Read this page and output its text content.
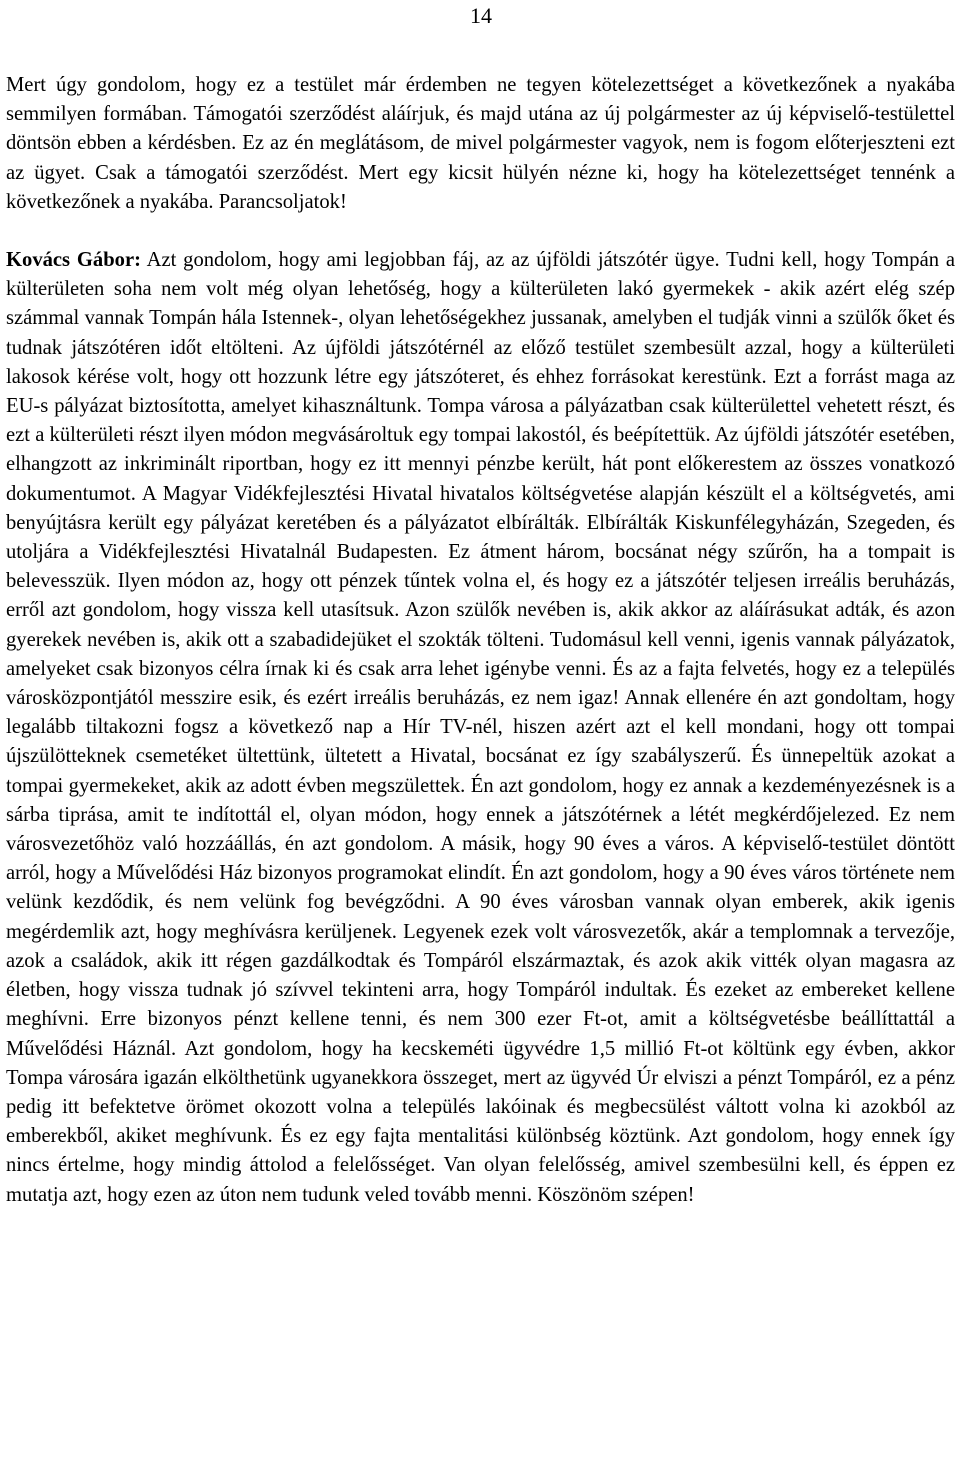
14

Mert úgy gondolom, hogy ez a testület már érdemben ne tegyen kötelezettséget a következőnek a nyakába semmilyen formában. Támogatói szerződést aláírjuk, és majd utána az új polgármester az új képviselő-testülettel döntsön ebben a kérdésben. Ez az én meglátásom, de mivel polgármester vagyok, nem is fogom előterjeszteni ezt az ügyet. Csak a támogatói szerződést. Mert egy kicsit hülyén nézne ki, hogy ha kötelezettséget tennénk a következőnek a nyakába. Parancsoljatok!

Kovács Gábor: Azt gondolom, hogy ami legjobban fáj, az az újföldi játszótér ügye. Tudni kell, hogy Tompán a külterületen soha nem volt még olyan lehetőség, hogy a külterületen lakó gyermekek - akik azért elég szép számmal vannak Tompán hála Istennek-, olyan lehetőségekhez jussanak, amelyben el tudják vinni a szülők őket és tudnak játszótéren időt eltölteni. Az újföldi játszótérnél az előző testület szembesült azzal, hogy a külterületi lakosok kérése volt, hogy ott hozzunk létre egy játszóteret, és ehhez forrásokat kerestünk. Ezt a forrást maga az EU-s pályázat biztosította, amelyet kihasználtunk. Tompa városa a pályázatban csak külterülettel vehetett részt, és ezt a külterületi részt ilyen módon megvásároltuk egy tompai lakostól, és beépítettük. Az újföldi játszótér esetében, elhangzott az inkriminált riportban, hogy ez itt mennyi pénzbe került, hát pont előkerestem az összes vonatkozó dokumentumot. A Magyar Vidékfejlesztési Hivatal hivatalos költségvetése alapján készült el a költségvetés, ami benyújtásra került egy pályázat keretében és a pályázatot elbírálták. Elbírálták Kiskunfélegyházán, Szegeden, és utoljára a Vidékfejlesztési Hivatalnál Budapesten. Ez átment három, bocsánat négy szűrőn, ha a tompait is belevesszük. Ilyen módon az, hogy ott pénzek tűntek volna el, és hogy ez a játszótér teljesen irreális beruházás, erről azt gondolom, hogy vissza kell utasítsuk. Azon szülők nevében is, akik akkor az aláírásukat adták, és azon gyerekek nevében is, akik ott a szabadidejüket el szokták tölteni. Tudomásul kell venni, igenis vannak pályázatok, amelyeket csak bizonyos célra írnak ki és csak arra lehet igénybe venni. És az a fajta felvetés, hogy ez a település városközpontjától messzire esik, és ezért irreális beruházás, ez nem igaz! Annak ellenére én azt gondoltam, hogy legalább tiltakozni fogsz a következő nap a Hír TV-nél, hiszen azért azt el kell mondani, hogy ott tompai újszülötteknek csemetéket ültettünk, ültetett a Hivatal, bocsánat ez így szabályszerű. És ünnepeltük azokat a tompai gyermekeket, akik az adott évben megszülettek. Én azt gondolom, hogy ez annak a kezdeményezésnek is a sárba tiprása, amit te indítottál el, olyan módon, hogy ennek a játszótérnek a létét megkérdőjelezed. Ez nem városvezetőhöz való hozzáállás, én azt gondolom. A másik, hogy 90 éves a város. A képviselő-testület döntött arról, hogy a Művelődési Ház bizonyos programokat elindít. Én azt gondolom, hogy a 90 éves város története nem velünk kezdődik, és nem velünk fog bevégződni. A 90 éves városban vannak olyan emberek, akik igenis megérdemlik azt, hogy meghívásra kerüljenek. Legyenek ezek volt városvezetők, akár a templomnak a tervezője, azok a családok, akik itt régen gazdálkodtak és Tompáról elszármaztak, és azok akik vitték olyan magasra az életben, hogy vissza tudnak jó szívvel tekinteni arra, hogy Tompáról indultak. És ezeket az embereket kellene meghívni. Erre bizonyos pénzt kellene tenni, és nem 300 ezer Ft-ot, amit a költségvetésbe beállíttattál a Művelődési Háznál. Azt gondolom, hogy ha kecskeméti ügyvédre 1,5 millió Ft-ot költünk egy évben, akkor Tompa városára igazán elkölthetünk ugyanekkora összeget, mert az ügyvéd Úr elviszi a pénzt Tompáról, ez a pénz pedig itt befektetve örömet okozott volna a település lakóinak és megbecsülést váltott volna ki azokból az emberekből, akiket meghívunk. És ez egy fajta mentalitási különbség köztünk. Azt gondolom, hogy ennek így nincs értelme, hogy mindig áttolod a felelősséget. Van olyan felelősség, amivel szembesülni kell, és éppen ez mutatja azt, hogy ezen az úton nem tudunk veled tovább menni. Köszönöm szépen!
